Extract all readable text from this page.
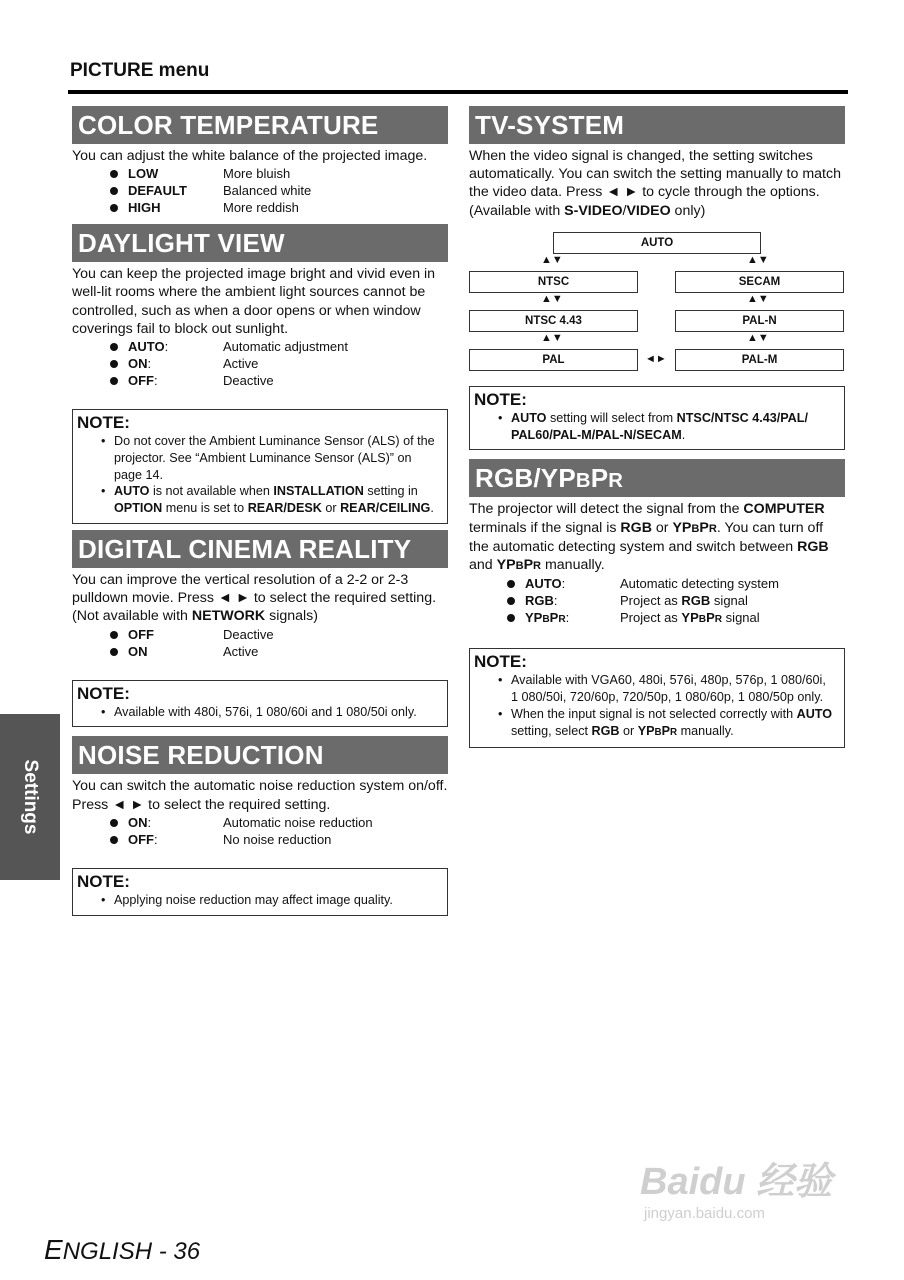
PICTURE menu
COLOR TEMPERATURE
You can adjust the white balance of the projected image.
LOW	More bluish
DEFAULT	Balanced white
HIGH	More reddish
DAYLIGHT VIEW
You can keep the projected image bright and vivid even in well-lit rooms where the ambient light sources cannot be controlled, such as when a door opens or when window coverings fail to block out sunlight.
AUTO:	Automatic adjustment
ON:	Active
OFF:	Deactive
NOTE:
• Do not cover the Ambient Luminance Sensor (ALS) of the projector. See “Ambient Luminance Sensor (ALS)” on page 14.
• AUTO is not available when INSTALLATION setting in OPTION menu is set to REAR/DESK or REAR/CEILING.
DIGITAL CINEMA REALITY
You can improve the vertical resolution of a 2-2 or 2-3 pulldown movie. Press ◄ ► to select the required setting. (Not available with NETWORK signals)
OFF	Deactive
ON	Active
NOTE:
• Available with 480i, 576i, 1 080/60i and 1 080/50i only.
NOISE REDUCTION
You can switch the automatic noise reduction system on/off. Press ◄ ► to select the required setting.
ON:	Automatic noise reduction
OFF:	No noise reduction
NOTE:
• Applying noise reduction may affect image quality.
TV-SYSTEM
When the video signal is changed, the setting switches automatically. You can switch the setting manually to match the video data. Press ◄ ► to cycle through the options. (Available with S-VIDEO/VIDEO only)
AUTO
▲▼	▲▼
NTSC	SECAM
▲▼	▲▼
NTSC 4.43	PAL-N
▲▼	▲▼
PAL	◄►	PAL-M
NOTE:
• AUTO setting will select from NTSC/NTSC 4.43/PAL/ PAL60/PAL-M/PAL-N/SECAM.
RGB/YPBPR
The projector will detect the signal from the COMPUTER terminals if the signal is RGB or YPBPR. You can turn off the automatic detecting system and switch between RGB and YPBPR manually.
AUTO:	Automatic detecting system
RGB:	Project as RGB signal
YPBPR:	Project as YPBPR signal
NOTE:
• Available with VGA60, 480i, 576i, 480p, 576p, 1 080/60i, 1 080/50i, 720/60p, 720/50p, 1 080/60p, 1 080/50p only.
• When the input signal is not selected correctly with AUTO setting, select RGB or YPBPR manually.
Settings
ENGLISH - 36
Baidu 经验
jingyan.baidu.com
